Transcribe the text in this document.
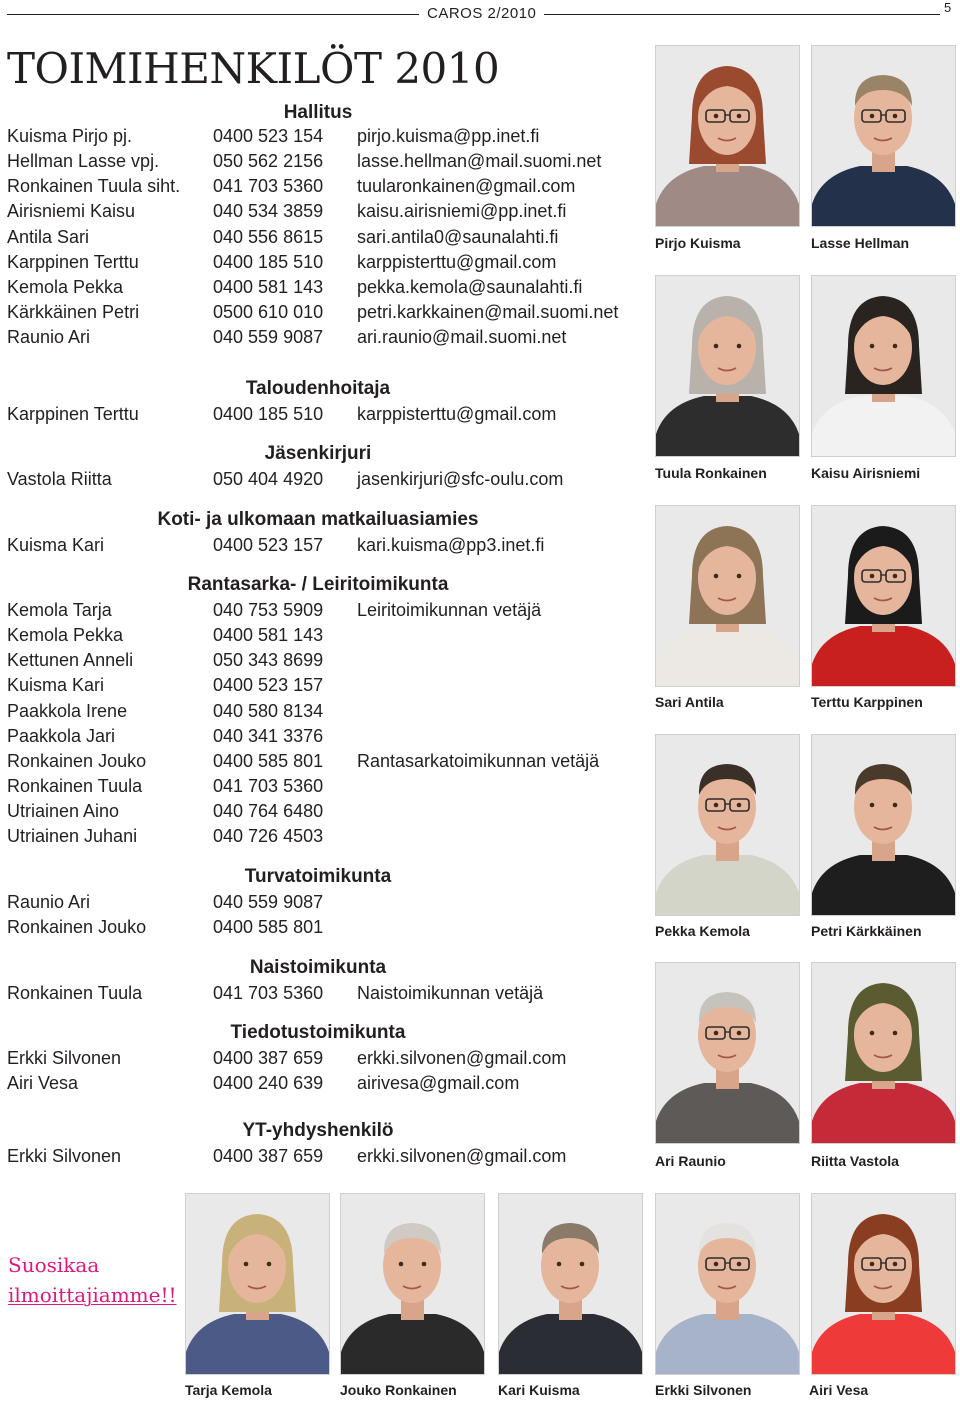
CAROS 2/2010	5
TOIMIHENKILÖT 2010
Hallitus
Kuisma Pirjo pj.	0400 523 154 pirjo.kuisma@pp.inet.fi
Hellman Lasse vpj.	050 562 2156 lasse.hellman@mail.suomi.net
Ronkainen Tuula siht. 041 703 5360 tuularonkainen@gmail.com
Airisniemi Kaisu	040 534 3859 kaisu.airisniemi@pp.inet.fi
Antila Sari	040 556 8615 sari.antila0@saunalahti.fi
Karppinen Terttu	0400 185 510 karppisterttu@gmail.com
Kemola Pekka	0400 581 143 pekka.kemola@saunalahti.fi
Kärkkäinen Petri	0500 610 010 petri.karkkainen@mail.suomi.net
Raunio Ari	040 559 9087 ari.raunio@mail.suomi.net
Taloudenhoitaja
Karppinen Terttu	0400 185 510 karppisterttu@gmail.com
Jäsenkirjuri
Vastola Riitta	050 404 4920 jasenkirjuri@sfc-oulu.com
Koti- ja ulkomaan matkailuasiamies
Kuisma Kari	0400 523 157 kari.kuisma@pp3.inet.fi
Rantasarka- / Leiritoimikunta
Kemola Tarja	040 753 5909 Leiritoimikunnan vetäjä
Kemola Pekka	0400 581 143
Kettunen Anneli	050 343 8699
Kuisma Kari	0400 523 157
Paakkola Irene	040 580 8134
Paakkola Jari	040 341 3376
Ronkainen Jouko	0400 585 801 Rantasarkatoimikunnan vetäjä
Ronkainen Tuula	041 703 5360
Utriainen Aino	040 764 6480
Utriainen Juhani	040 726 4503
Turvatoimikunta
Raunio Ari	040 559 9087
Ronkainen Jouko	0400 585 801
Naistoimikunta
Ronkainen Tuula	041 703 5360 Naistoimikunnan vetäjä
Tiedotustoimikunta
Erkki Silvonen	0400 387 659 erkki.silvonen@gmail.com
Airi Vesa	0400 240 639 airivesa@gmail.com
YT-yhdyshenkilö
Erkki Silvonen	0400 387 659 erkki.silvonen@gmail.com
Pirjo Kuisma	Lasse Hellman
Tuula Ronkainen	Kaisu Airisniemi
Sari Antila	Terttu Karppinen
Pekka Kemola	Petri Kärkkäinen
Ari Raunio	Riitta Vastola
Tarja Kemola	Jouko Ronkainen	Kari Kuisma	Erkki Silvonen	Airi Vesa
Suosikaa
ilmoittajiamme!!
